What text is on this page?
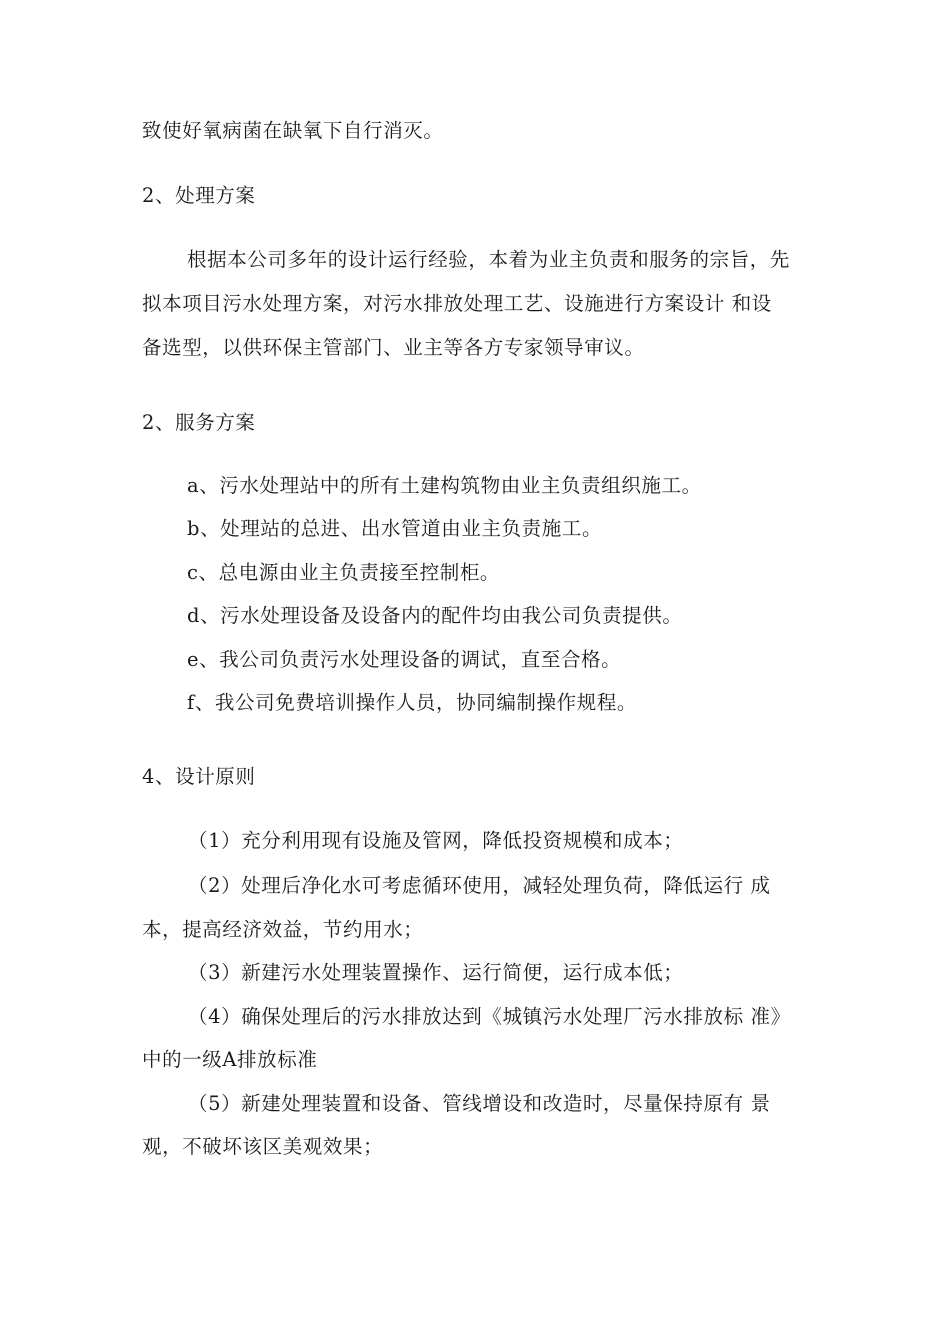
致使好氧病菌在缺氧下自行消灭。
2、处理方案
根据本公司多年的设计运行经验，本着为业主负责和服务的宗旨，先
拟本项目污水处理方案，对污水排放处理工艺、设施进行方案设计 和设
备选型，以供环保主管部门、业主等各方专家领导审议。
2、服务方案
a、污水处理站中的所有土建构筑物由业主负责组织施工。
b、处理站的总进、出水管道由业主负责施工。
c、总电源由业主负责接至控制柜。
d、污水处理设备及设备内的配件均由我公司负责提供。
e、我公司负责污水处理设备的调试，直至合格。
f、我公司免费培训操作人员，协同编制操作规程。
4、设计原则
（1）充分利用现有设施及管网，降低投资规模和成本；
（2）处理后净化水可考虑循环使用，减轻处理负荷，降低运行 成
本，提高经济效益，节约用水；
（3）新建污水处理装置操作、运行简便，运行成本低；
（4）确保处理后的污水排放达到《城镇污水处理厂污水排放标 准》
中的一级A排放标准
（5）新建处理装置和设备、管线增设和改造时，尽量保持原有 景
观，不破坏该区美观效果；
